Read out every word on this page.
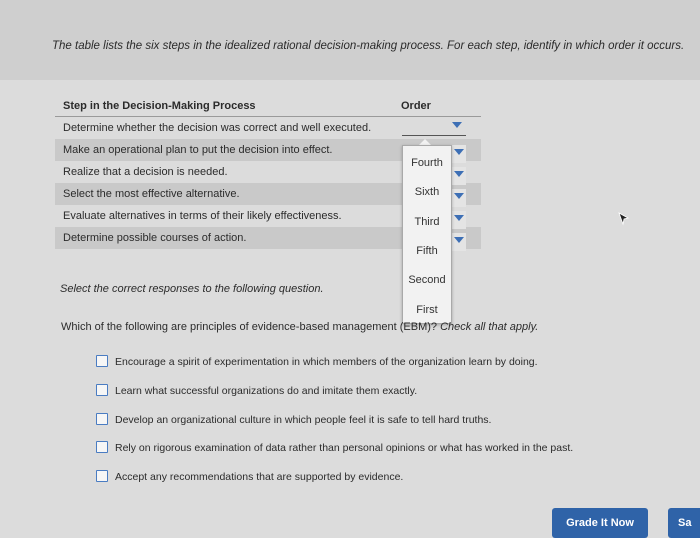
The table lists the six steps in the idealized rational decision-making process. For each step, identify in which order it occurs.
Step in the Decision-Making Process	Order
Determine whether the decision was correct and well executed.
Make an operational plan to put the decision into effect.
Realize that a decision is needed.
Select the most effective alternative.
Evaluate alternatives in terms of their likely effectiveness.
Determine possible courses of action.
Fourth
Sixth
Third
Fifth
Second
First
Select the correct responses to the following question.
Which of the following are principles of evidence-based management (EBM)? Check all that apply.
Encourage a spirit of experimentation in which members of the organization learn by doing.
Learn what successful organizations do and imitate them exactly.
Develop an organizational culture in which people feel it is safe to tell hard truths.
Rely on rigorous examination of data rather than personal opinions or what has worked in the past.
Accept any recommendations that are supported by evidence.
Grade It Now	Sa
